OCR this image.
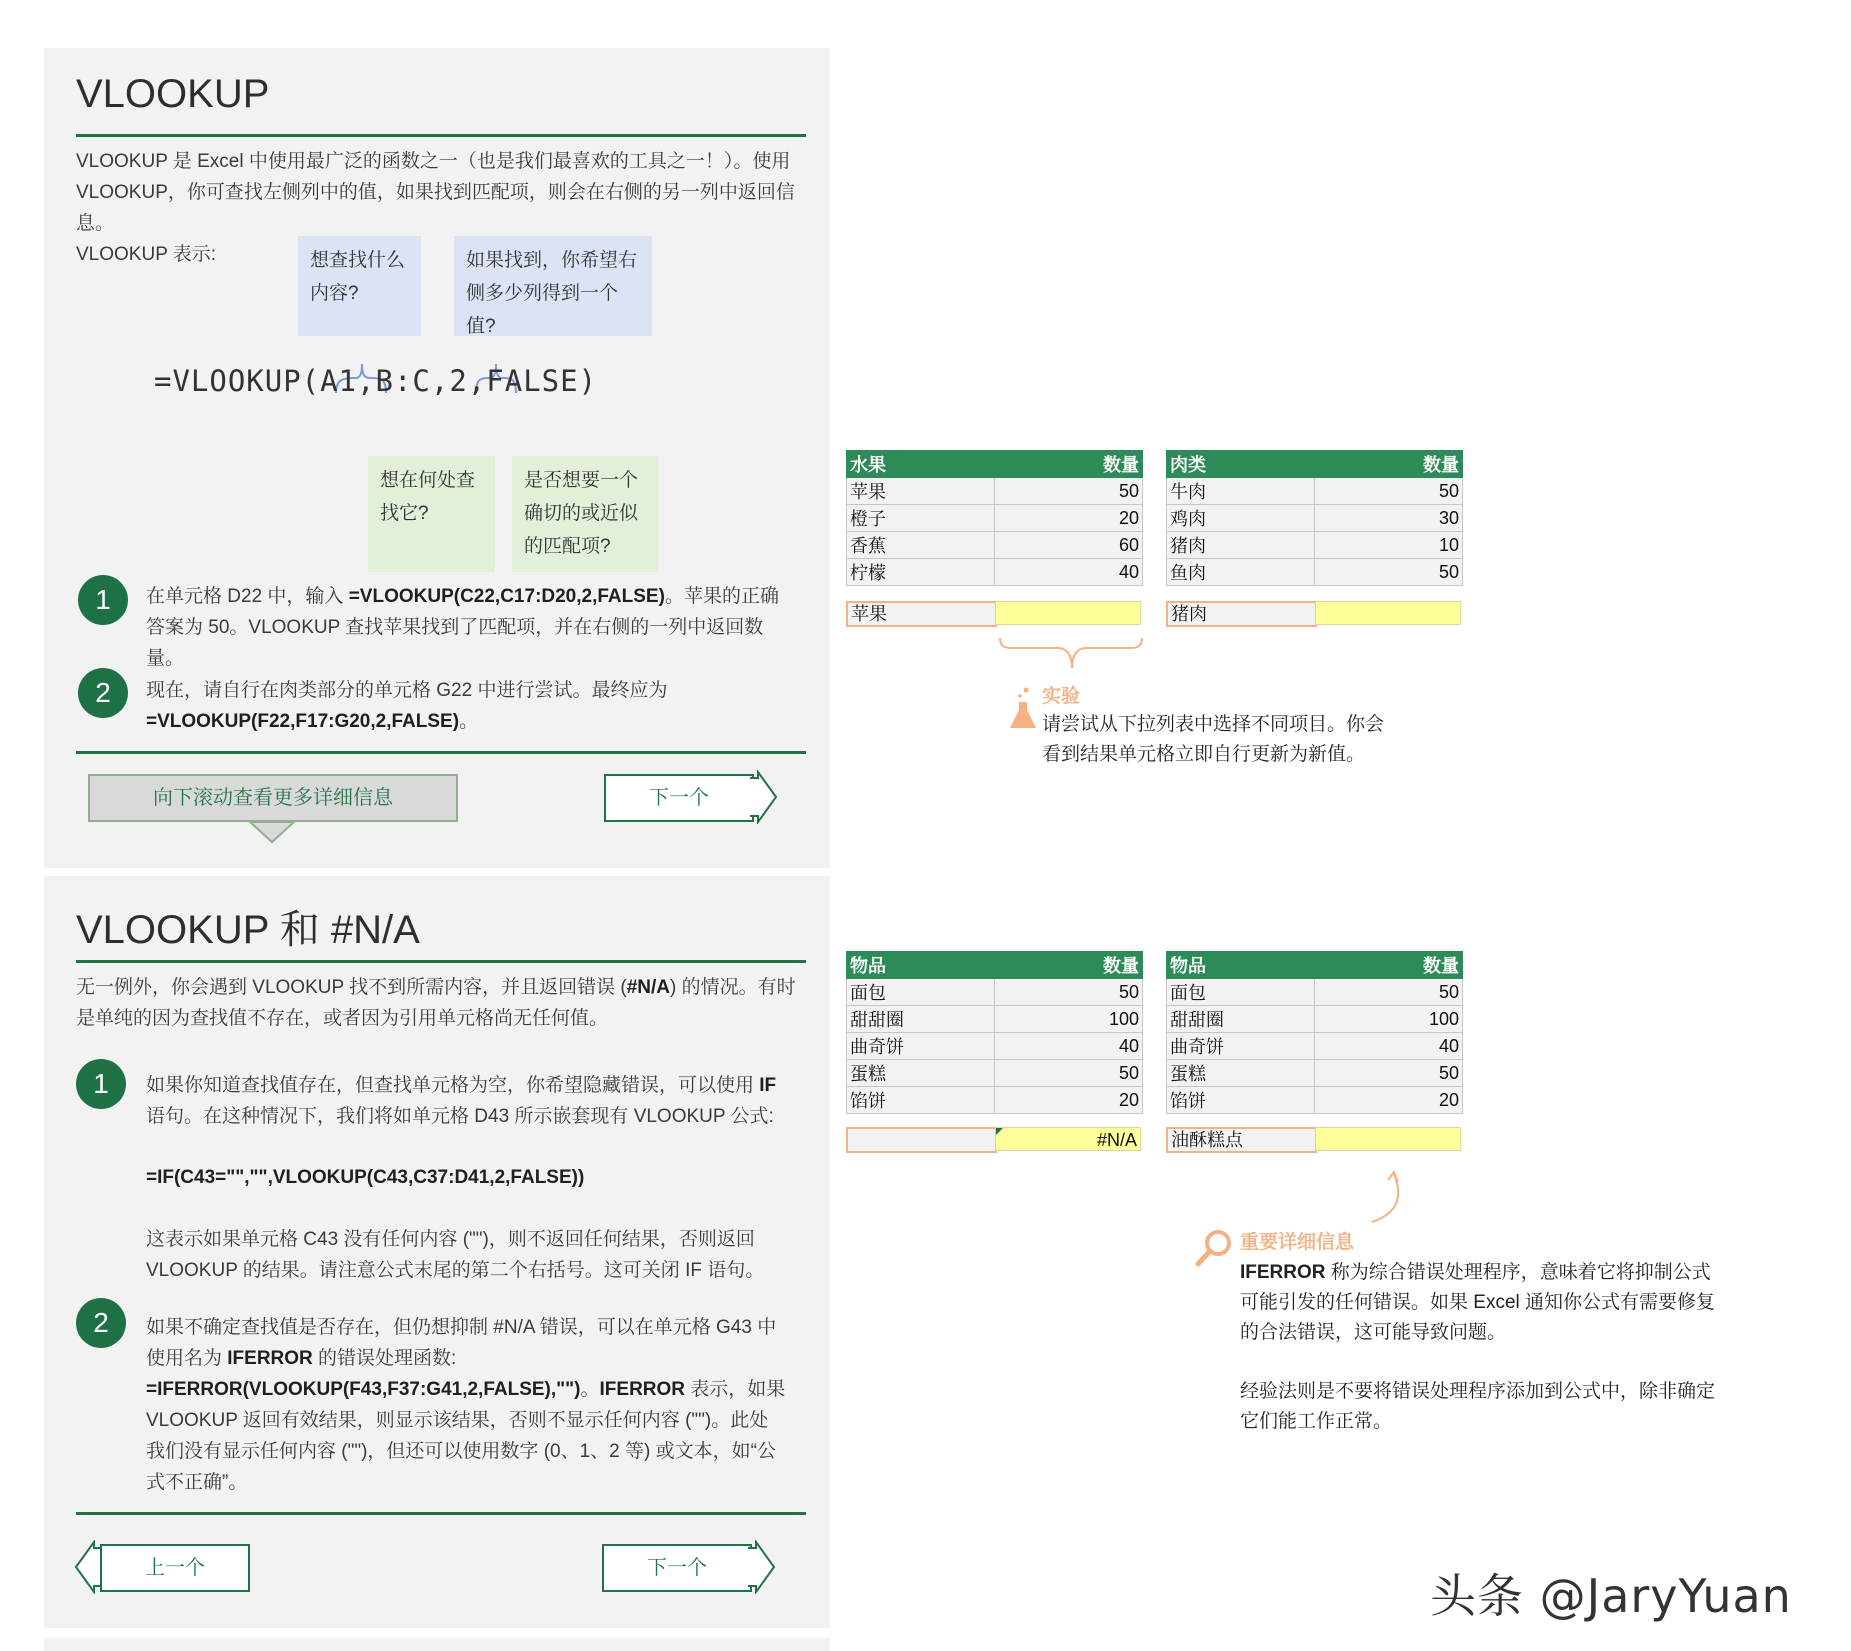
VLOOKUP
VLOOKUP 是 Excel 中使用最广泛的函数之一（也是我们最喜欢的工具之一！）。使用
VLOOKUP，你可查找左侧列中的值，如果找到匹配项，则会在右侧的另一列中返回信息。
VLOOKUP 表示:	想查找什么内容?
如果找到，你希望右侧多少列得到一个值?
=VLOOKUP(A1,B:C,2,FALSE)
想在何处查找它?
是否想要一个确切的或近似的匹配项?
1	在单元格 D22 中，输入 =VLOOKUP(C22,C17:D20,2,FALSE)。苹果的正确答案为 50。VLOOKUP 查找苹果找到了匹配项，并在右侧的一列中返回数量。
2	现在，请自行在肉类部分的单元格 G22 中进行尝试。最终应为
=VLOOKUP(F22,F17:G20,2,FALSE)。
向下滚动查看更多详细信息	下一个
VLOOKUP 和 #N/A
无一例外，你会遇到 VLOOKUP 找不到所需内容，并且返回错误 (#N/A) 的情况。有时是单纯的因为查找值不存在，或者因为引用单元格尚无任何值。
1	如果你知道查找值存在，但查找单元格为空，你希望隐藏错误，可以使用 IF 语句。在这种情况下，我们将如单元格 D43 所示嵌套现有 VLOOKUP 公式:
=IF(C43="","",VLOOKUP(C43,C37:D41,2,FALSE))
这表示如果单元格 C43 没有任何内容 ("")，则不返回任何结果，否则返回 VLOOKUP 的结果。请注意公式末尾的第二个右括号。这可关闭 IF 语句。
2	如果不确定查找值是否存在，但仍想抑制 #N/A 错误，可以在单元格 G43 中使用名为 IFERROR 的错误处理函数:
=IFERROR(VLOOKUP(F43,F37:G41,2,FALSE),"")。IFERROR 表示，如果 VLOOKUP 返回有效结果，则显示该结果，否则不显示任何内容 ("")。此处我们没有显示任何内容 ("")，但还可以使用数字 (0、1、2 等) 或文本，如“公式不正确”。
上一个	下一个
水果	数量
苹果	50
橙子	20
香蕉	60
柠檬	40
苹果
肉类	数量
牛肉	50
鸡肉	30
猪肉	10
鱼肉	50
猪肉
实验
请尝试从下拉列表中选择不同项目。你会看到结果单元格立即自行更新为新值。
物品	数量
面包	50
甜甜圈	100
曲奇饼	40
蛋糕	50
馅饼	20
#N/A
物品	数量
面包	50
甜甜圈	100
曲奇饼	40
蛋糕	50
馅饼	20
油酥糕点
重要详细信息
IFERROR 称为综合错误处理程序，意味着它将抑制公式可能引发的任何错误。如果 Excel 通知你公式有需要修复的合法错误，这可能导致问题。
经验法则是不要将错误处理程序添加到公式中，除非确定它们能工作正常。
头条 @JaryYuan
